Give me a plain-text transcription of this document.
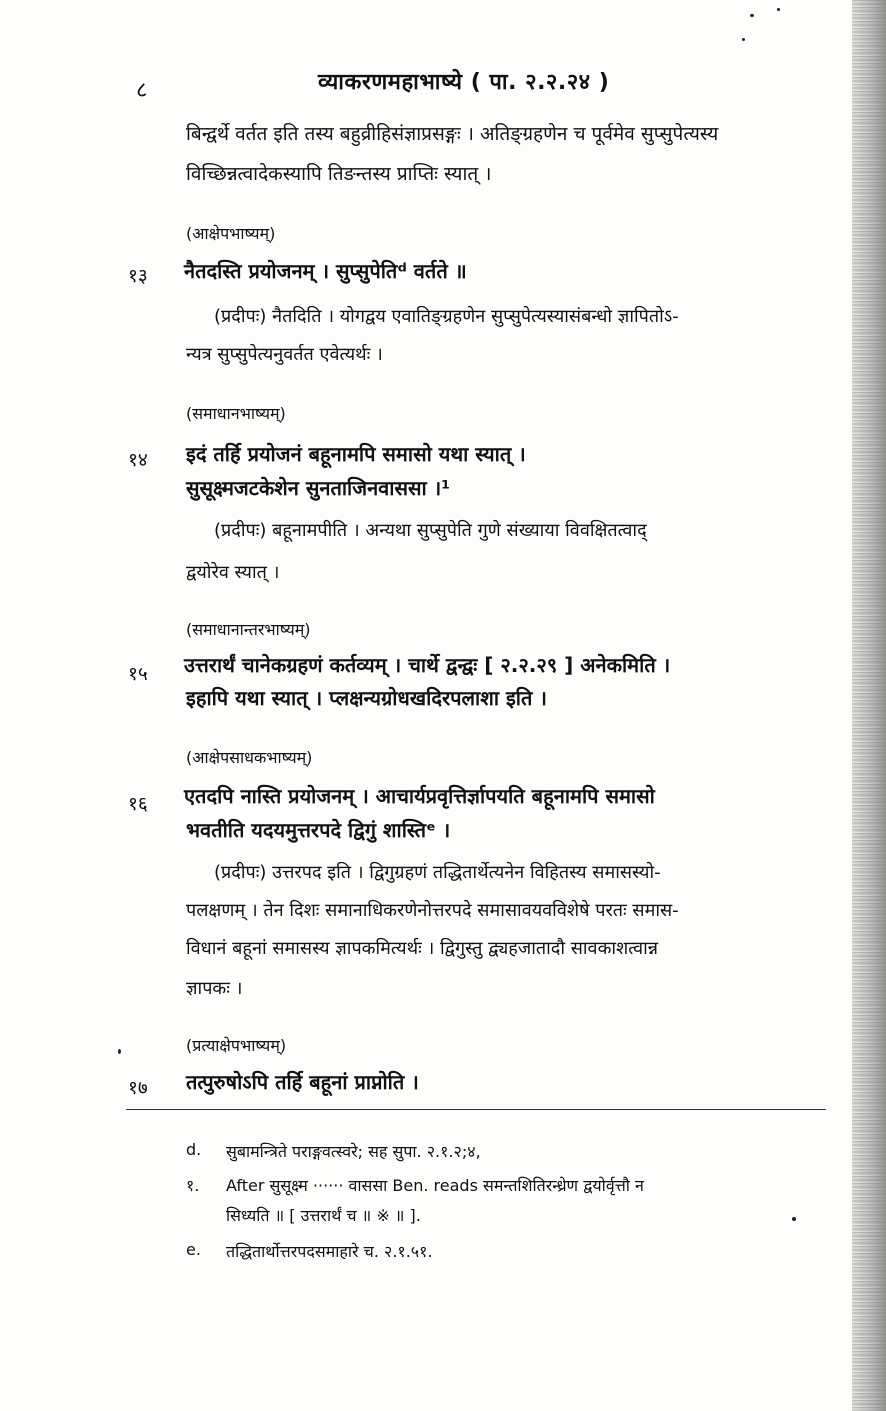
८	व्याकरणमहाभाष्ये ( पा. २.२.२४ )
बिन्द्वर्थे वर्तत इति तस्य बहुव्रीहिसंज्ञाप्रसङ्गः । अतिङ्ग्रहणेन च पूर्वमेव सुप्सुपेत्यस्य
विच्छिन्नत्वादेकस्यापि तिङन्तस्य प्राप्तिः स्यात् ।
(आक्षेपभाष्यम्)
१३ नैतदस्ति प्रयोजनम् । सुप्सुपेतिᵈ वर्तते ॥
(प्रदीपः) नैतदिति । योगद्वय एवातिङ्ग्रहणेन सुप्सुपेत्यस्यासंबन्धो ज्ञापितोऽ-
न्यत्र सुप्सुपेत्यनुवर्तत एवेत्यर्थः ।
(समाधानभाष्यम्)
१४ इदं तर्हि प्रयोजनं बहूनामपि समासो यथा स्यात् ।
सुसूक्ष्मजटकेशेन सुनताजिनवाससा ।¹
(प्रदीपः) बहूनामपीति । अन्यथा सुप्सुपेति गुणे संख्याया विवक्षितत्वाद्
द्वयोरेव स्यात् ।
(समाधानान्तरभाष्यम्)
१५ उत्तरार्थं चानेकग्रहणं कर्तव्यम् । चार्थे द्वन्द्वः [ २.२.२९ ] अनेकमिति ।
इहापि यथा स्यात् । प्लक्षन्यग्रोधखदिरपलाशा इति ।
(आक्षेपसाधकभाष्यम्)
१६ एतदपि नास्ति प्रयोजनम् । आचार्यप्रवृत्तिर्ज्ञापयति बहूनामपि समासो
भवतीति यदयमुत्तरपदे द्विगुं शास्तिᵉ ।
(प्रदीपः) उत्तरपद इति । द्विगुग्रहणं तद्धितार्थेत्यनेन विहितस्य समासस्यो-
पलक्षणम् । तेन दिशः समानाधिकरणेनोत्तरपदे समासावयवविशेषे परतः समास-
विधानं बहूनां समासस्य ज्ञापकमित्यर्थः । द्विगुस्तु द्व्यहजातादौ सावकाशत्वान्न
ज्ञापकः ।
(प्रत्याक्षेपभाष्यम्)
१७ तत्पुरुषोऽपि तर्हि बहूनां प्राप्नोति ।
d. सुबामन्त्रिते पराङ्गवत्स्वरे; सह सुपा. २.१.२;४,
१. After सुसूक्ष्म ······ वाससा Ben. reads समन्तशितिरन्ध्रेण द्वयोर्वृत्तौ न
सिध्यति ॥ [ उत्तरार्थं च ॥ ※ ॥ ].
e. तद्धितार्थोत्तरपदसमाहारे च. २.१.५१.
